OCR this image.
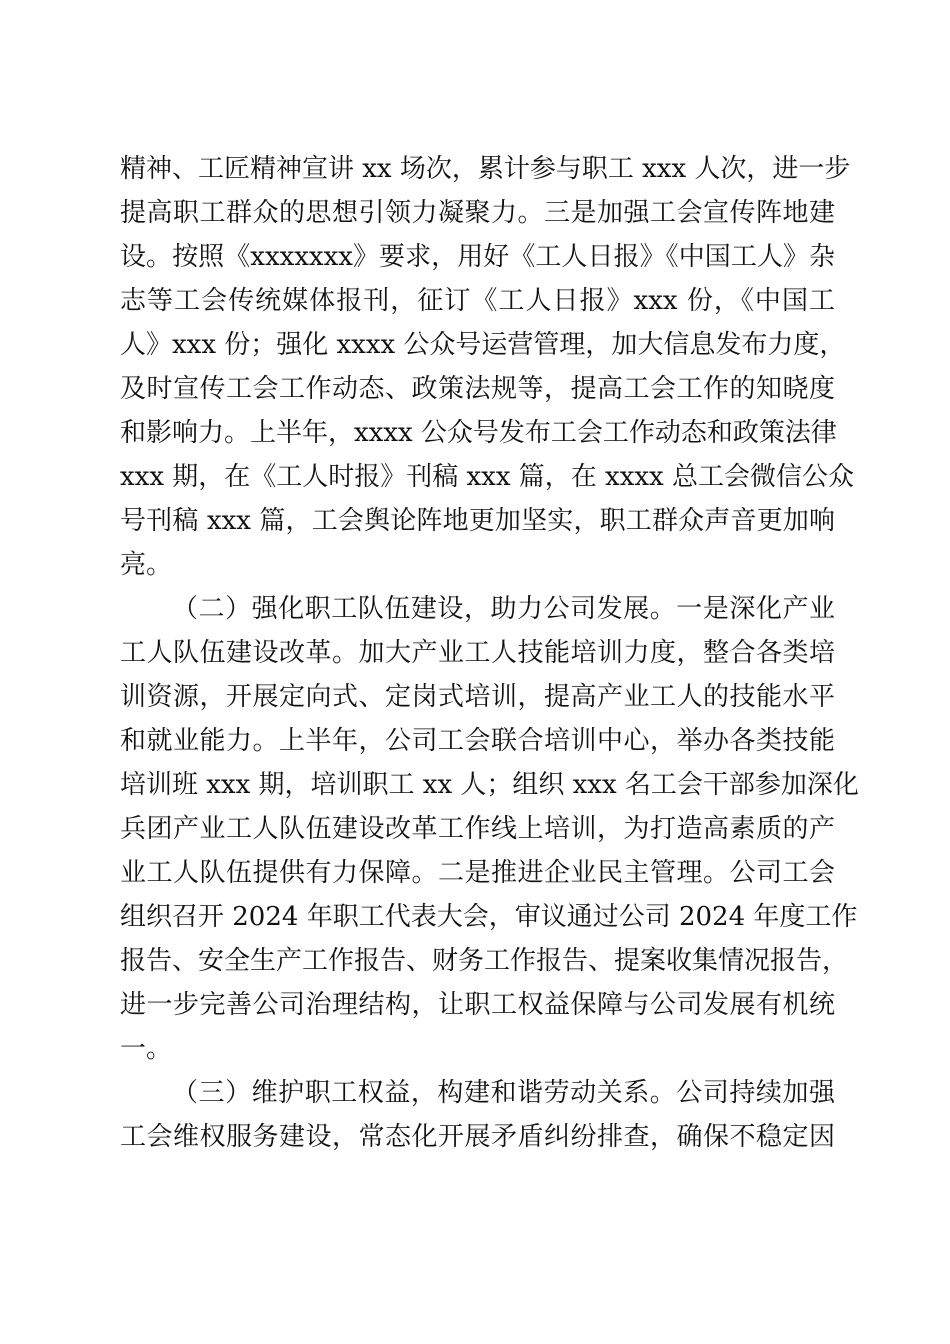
精神、工匠精神宣讲 xx 场次，累计参与职工 xxx 人次，进一步
提高职工群众的思想引领力凝聚力。三是加强工会宣传阵地建
设。按照《xxxxxxx》要求，用好《工人日报》《中国工人》杂
志等工会传统媒体报刊，征订《工人日报》xxx 份，《中国工
人》xxx 份；强化 xxxx 公众号运营管理，加大信息发布力度，
及时宣传工会工作动态、政策法规等，提高工会工作的知晓度
和影响力。上半年，xxxx 公众号发布工会工作动态和政策法律
xxx 期，在《工人时报》刊稿 xxx 篇，在 xxxx 总工会微信公众
号刊稿 xxx 篇，工会舆论阵地更加坚实，职工群众声音更加响
亮。
（二）强化职工队伍建设，助力公司发展。一是深化产业
工人队伍建设改革。加大产业工人技能培训力度，整合各类培
训资源，开展定向式、定岗式培训，提高产业工人的技能水平
和就业能力。上半年，公司工会联合培训中心，举办各类技能
培训班 xxx 期，培训职工 xx 人；组织 xxx 名工会干部参加深化
兵团产业工人队伍建设改革工作线上培训，为打造高素质的产
业工人队伍提供有力保障。二是推进企业民主管理。公司工会
组织召开 2024 年职工代表大会，审议通过公司 2024 年度工作
报告、安全生产工作报告、财务工作报告、提案收集情况报告，
进一步完善公司治理结构，让职工权益保障与公司发展有机统
一。
（三）维护职工权益，构建和谐劳动关系。公司持续加强
工会维权服务建设，常态化开展矛盾纠纷排查，确保不稳定因
